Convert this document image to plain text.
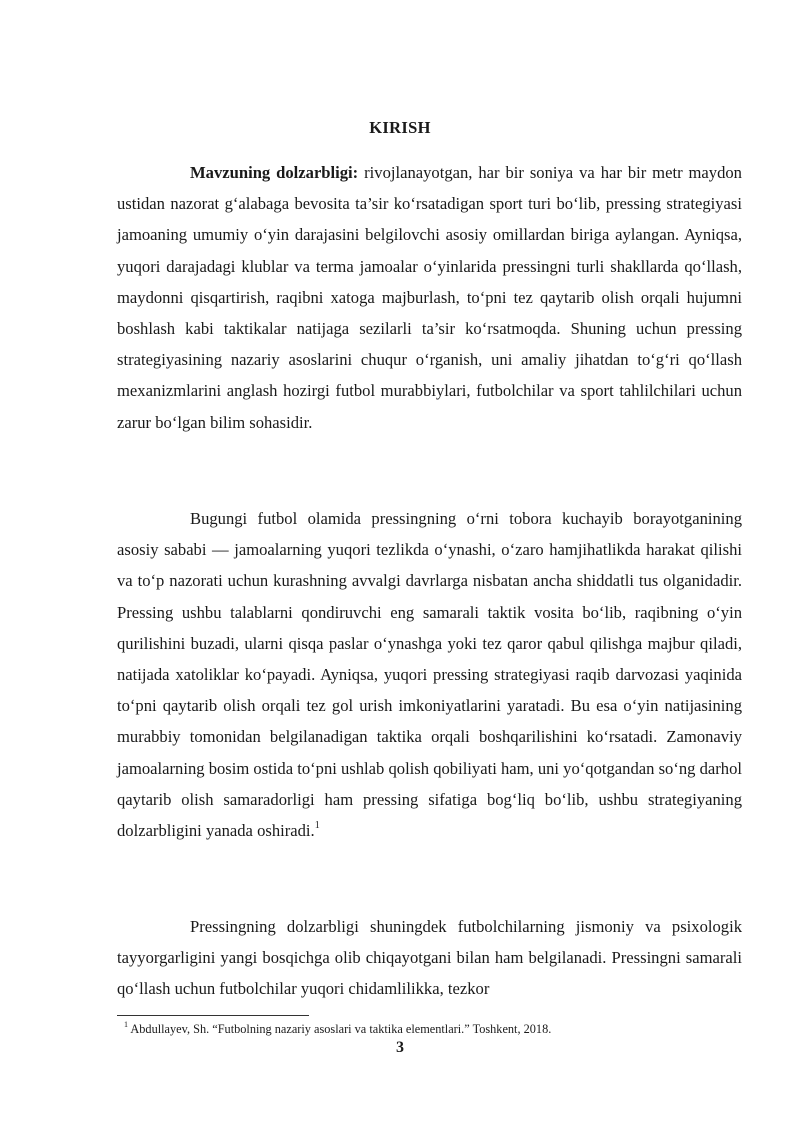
KIRISH

Mavzuning dolzarbligi: rivojlanayotgan, har bir soniya va har bir metr maydon ustidan nazorat g‘alabaga bevosita ta’sir ko‘rsatadigan sport turi bo‘lib, pressing strategiyasi jamoaning umumiy o‘yin darajasini belgilovchi asosiy omillardan biriga aylangan. Ayniqsa, yuqori darajadagi klublar va terma jamoalar o‘yinlarida pressingni turli shakllarda qo‘llash, maydonni qisqartirish, raqibni xatoga majburlash, to‘pni tez qaytarib olish orqali hujumni boshlash kabi taktikalar natijaga sezilarli ta’sir ko‘rsatmoqda. Shuning uchun pressing strategiyasining nazariy asoslarini chuqur o‘rganish, uni amaliy jihatdan to‘g‘ri qo‘llash mexanizmlarini anglash hozirgi futbol murabbiylari, futbolchilar va sport tahlilchilari uchun zarur bo‘lgan bilim sohasidir.

Bugungi futbol olamida pressingning o‘rni tobora kuchayib borayotganining asosiy sababi — jamoalarning yuqori tezlikda o‘ynashi, o‘zaro hamjihatlikda harakat qilishi va to‘p nazorati uchun kurashning avvalgi davrlarga nisbatan ancha shiddatli tus olganidadir. Pressing ushbu talablarni qondiruvchi eng samarali taktik vosita bo‘lib, raqibning o‘yin qurilishini buzadi, ularni qisqa paslar o‘ynashga yoki tez qaror qabul qilishga majbur qiladi, natijada xatoliklar ko‘payadi. Ayniqsa, yuqori pressing strategiyasi raqib darvozasi yaqinida to‘pni qaytarib olish orqali tez gol urish imkoniyatlarini yaratadi. Bu esa o‘yin natijasining murabbiy tomonidan belgilanadigan taktika orqali boshqarilishini ko‘rsatadi. Zamonaviy jamoalarning bosim ostida to‘pni ushlab qolish qobiliyati ham, uni yo‘qotgandan so‘ng darhol qaytarib olish samaradorligi ham pressing sifatiga bog‘liq bo‘lib, ushbu strategiyaning dolzarbligini yanada oshiradi.$^1$

Pressingning dolzarbligi shuningdek futbolchilarning jismoniy va psixologik tayyorgarligini yangi bosqichga olib chiqayotgani bilan ham belgilanadi. Pressingni samarali qo‘llash uchun futbolchilar yuqori chidamlilikka, tezkor

$^1$ Abdullayev, Sh. “Futbolning nazariy asoslari va taktika elementlari.” Toshkent, 2018.
3
